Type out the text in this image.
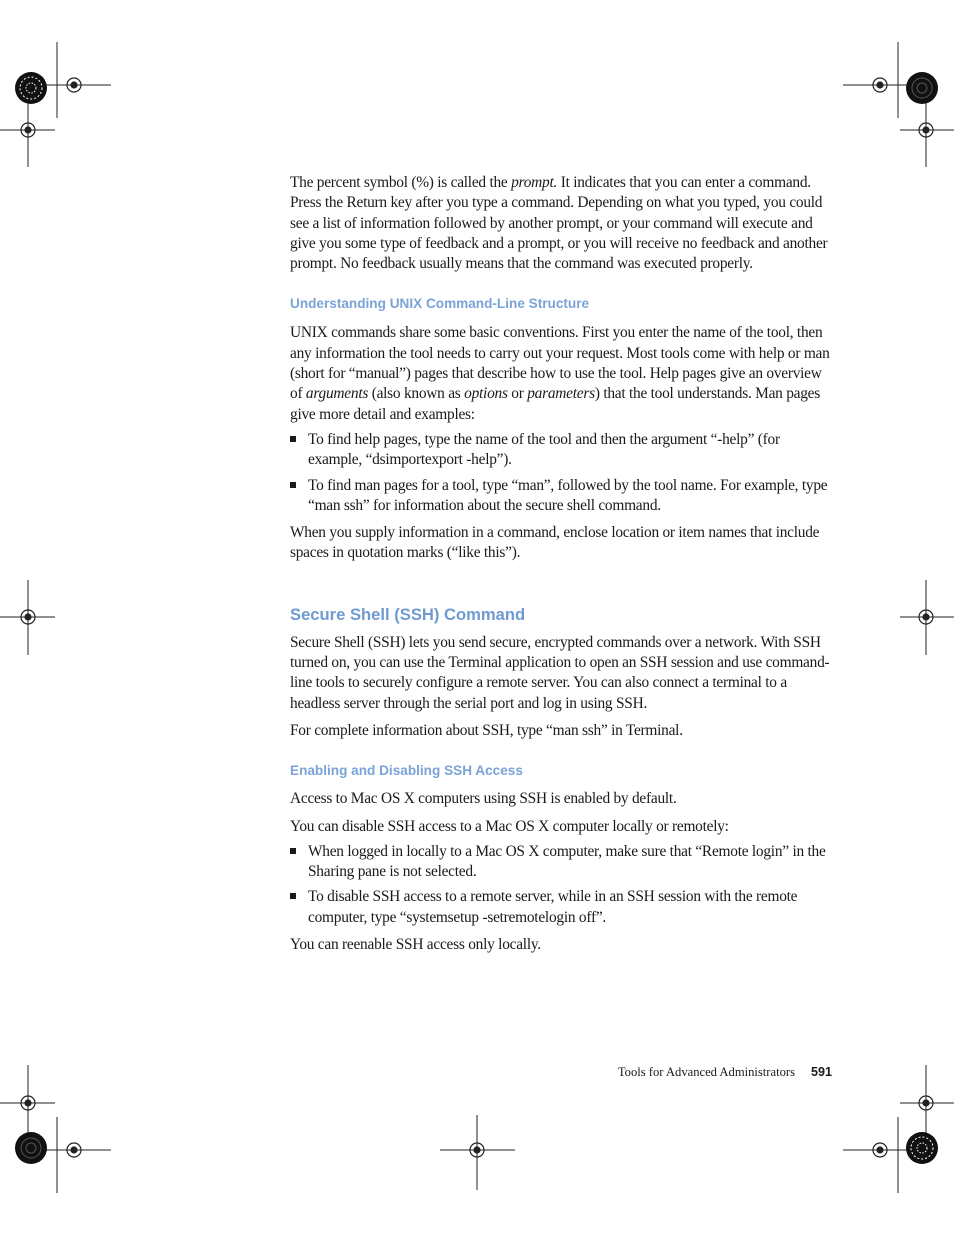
The percent symbol (%) is called the prompt. It indicates that you can enter a command. Press the Return key after you type a command. Depending on what you typed, you could see a list of information followed by another prompt, or your command will execute and give you some type of feedback and a prompt, or you will receive no feedback and another prompt. No feedback usually means that the command was executed properly.

Understanding UNIX Command-Line Structure

UNIX commands share some basic conventions. First you enter the name of the tool, then any information the tool needs to carry out your request. Most tools come with help or man (short for “manual”) pages that describe how to use the tool. Help pages give an overview of arguments (also known as options or parameters) that the tool understands. Man pages give more detail and examples:

To find help pages, type the name of the tool and then the argument “-help” (for example, “dsimportexport -help”).
To find man pages for a tool, type “man”, followed by the tool name. For example, type “man ssh” for information about the secure shell command.

When you supply information in a command, enclose location or item names that include spaces in quotation marks (“like this”).

Secure Shell (SSH) Command

Secure Shell (SSH) lets you send secure, encrypted commands over a network. With SSH turned on, you can use the Terminal application to open an SSH session and use command-line tools to securely configure a remote server. You can also connect a terminal to a headless server through the serial port and log in using SSH.

For complete information about SSH, type “man ssh” in Terminal.

Enabling and Disabling SSH Access

Access to Mac OS X computers using SSH is enabled by default.

You can disable SSH access to a Mac OS X computer locally or remotely:

When logged in locally to a Mac OS X computer, make sure that “Remote login” in the Sharing pane is not selected.
To disable SSH access to a remote server, while in an SSH session with the remote computer, type “systemsetup -setremotelogin off”.

You can reenable SSH access only locally.

Tools for Advanced Administrators 591
